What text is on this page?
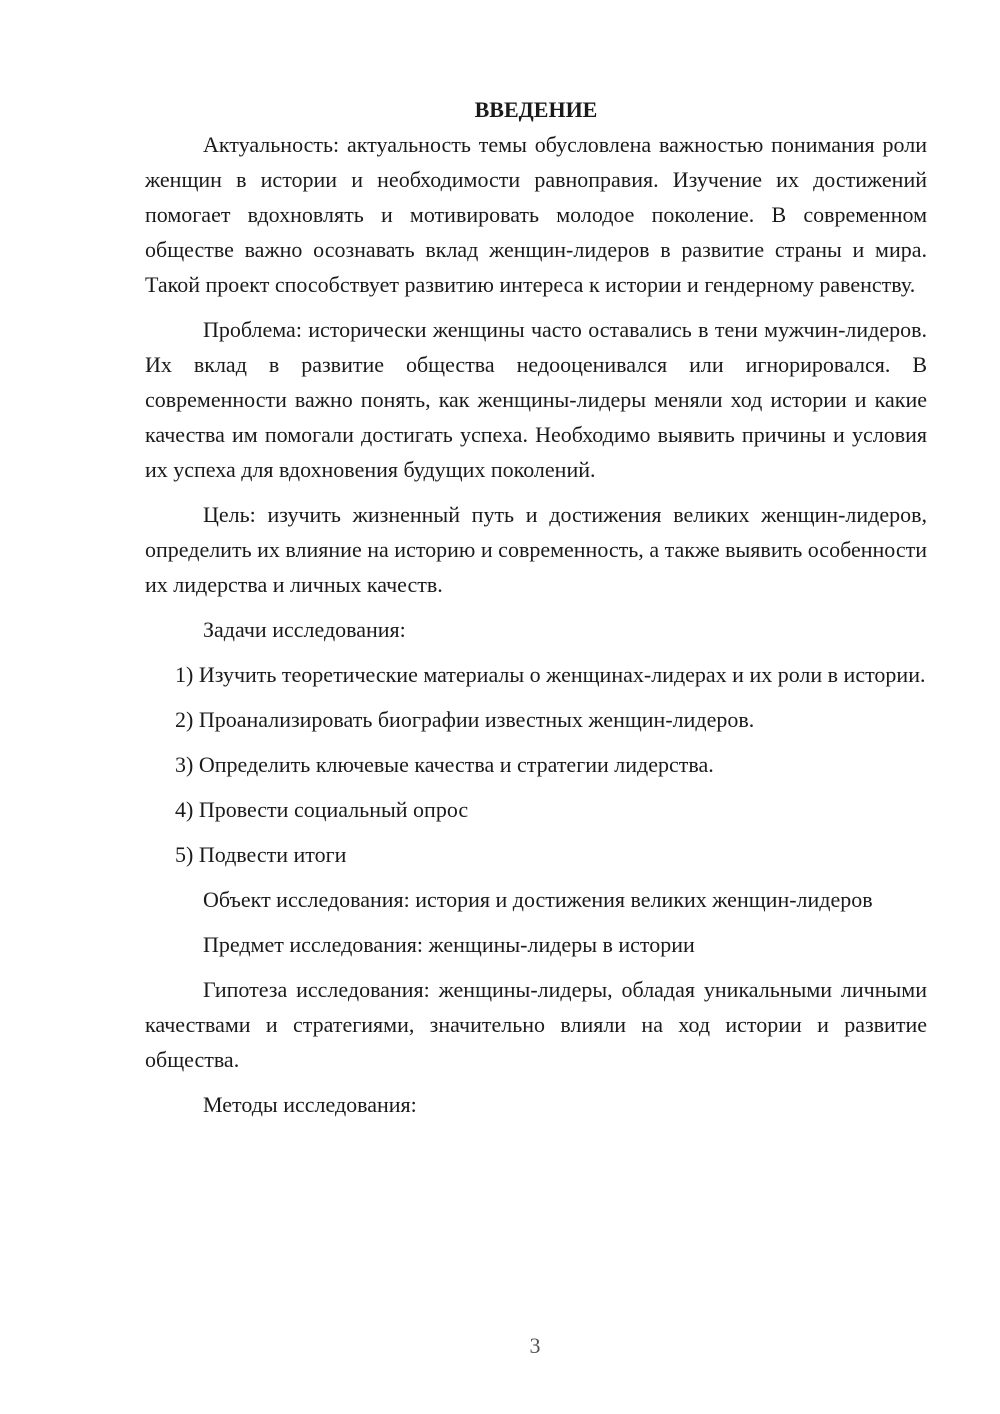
ВВЕДЕНИЕ

Актуальность: актуальность темы обусловлена важностью понимания роли женщин в истории и необходимости равноправия. Изучение их достижений помогает вдохновлять и мотивировать молодое поколение. В современном обществе важно осознавать вклад женщин-лидеров в развитие страны и мира. Такой проект способствует развитию интереса к истории и гендерному равенству.

Проблема: исторически женщины часто оставались в тени мужчин-лидеров. Их вклад в развитие общества недооценивался или игнорировался. В современности важно понять, как женщины-лидеры меняли ход истории и какие качества им помогали достигать успеха. Необходимо выявить причины и условия их успеха для вдохновения будущих поколений.

Цель: изучить жизненный путь и достижения великих женщин-лидеров, определить их влияние на историю и современность, а также выявить особенности их лидерства и личных качеств.

Задачи исследования:

1) Изучить теоретические материалы о женщинах-лидерах и их роли в истории.

2) Проанализировать биографии известных женщин-лидеров.

3) Определить ключевые качества и стратегии лидерства.

4) Провести социальный опрос

5) Подвести итоги

Объект исследования: история и достижения великих женщин-лидеров

Предмет исследования: женщины-лидеры в истории

Гипотеза исследования: женщины-лидеры, обладая уникальными личными качествами и стратегиями, значительно влияли на ход истории и развитие общества.

Методы исследования:

3
